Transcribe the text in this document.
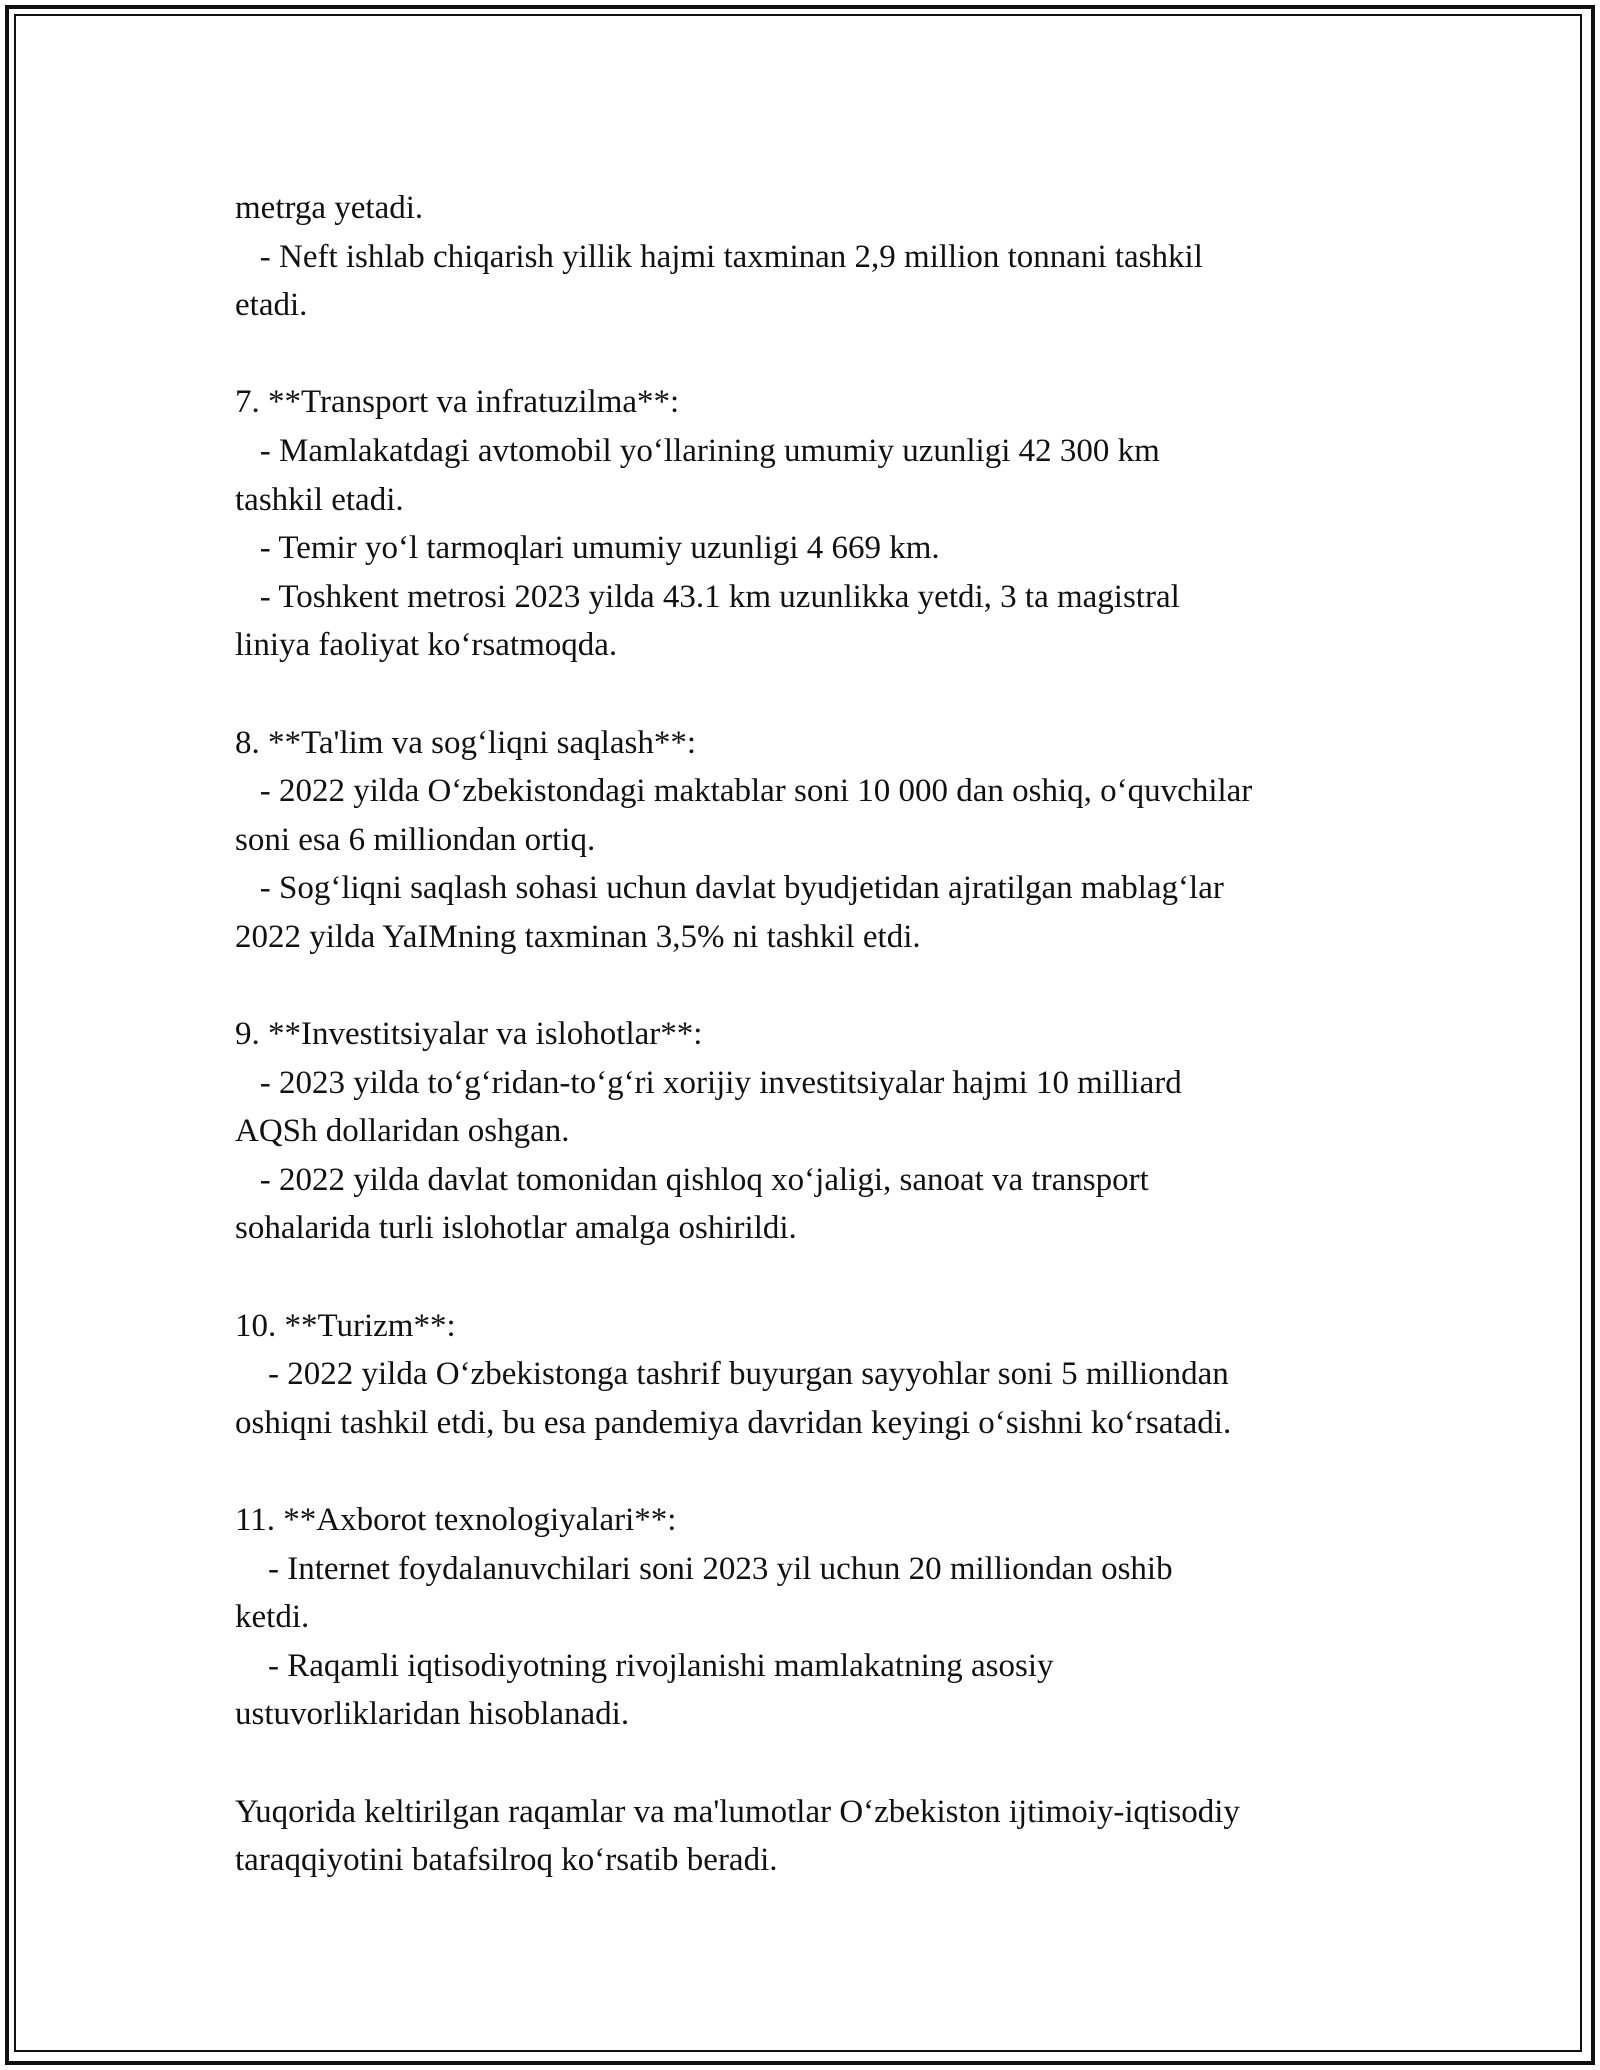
metrga yetadi.
- Neft ishlab chiqarish yillik hajmi taxminan 2,9 million tonnani tashkil
etadi.
7. **Transport va infratuzilma**:
- Mamlakatdagi avtomobil yo‘llarining umumiy uzunligi 42 300 km
tashkil etadi.
- Temir yo‘l tarmoqlari umumiy uzunligi 4 669 km.
- Toshkent metrosi 2023 yilda 43.1 km uzunlikka yetdi, 3 ta magistral
liniya faoliyat ko‘rsatmoqda.
8. **Ta'lim va sog‘liqni saqlash**:
- 2022 yilda O‘zbekistondagi maktablar soni 10 000 dan oshiq, o‘quvchilar
soni esa 6 milliondan ortiq.
- Sog‘liqni saqlash sohasi uchun davlat byudjetidan ajratilgan mablag‘lar
2022 yilda YaIMning taxminan 3,5% ni tashkil etdi.
9. **Investitsiyalar va islohotlar**:
- 2023 yilda to‘g‘ridan-to‘g‘ri xorijiy investitsiyalar hajmi 10 milliard
AQSh dollaridan oshgan.
- 2022 yilda davlat tomonidan qishloq xo‘jaligi, sanoat va transport
sohalarida turli islohotlar amalga oshirildi.
10. **Turizm**:
- 2022 yilda O‘zbekistonga tashrif buyurgan sayyohlar soni 5 milliondan
oshiqni tashkil etdi, bu esa pandemiya davridan keyingi o‘sishni ko‘rsatadi.
11. **Axborot texnologiyalari**:
- Internet foydalanuvchilari soni 2023 yil uchun 20 milliondan oshib
ketdi.
- Raqamli iqtisodiyotning rivojlanishi mamlakatning asosiy
ustuvorliklaridan hisoblanadi.
Yuqorida keltirilgan raqamlar va ma'lumotlar O‘zbekiston ijtimoiy-iqtisodiy
taraqqiyotini batafsilroq ko‘rsatib beradi.
